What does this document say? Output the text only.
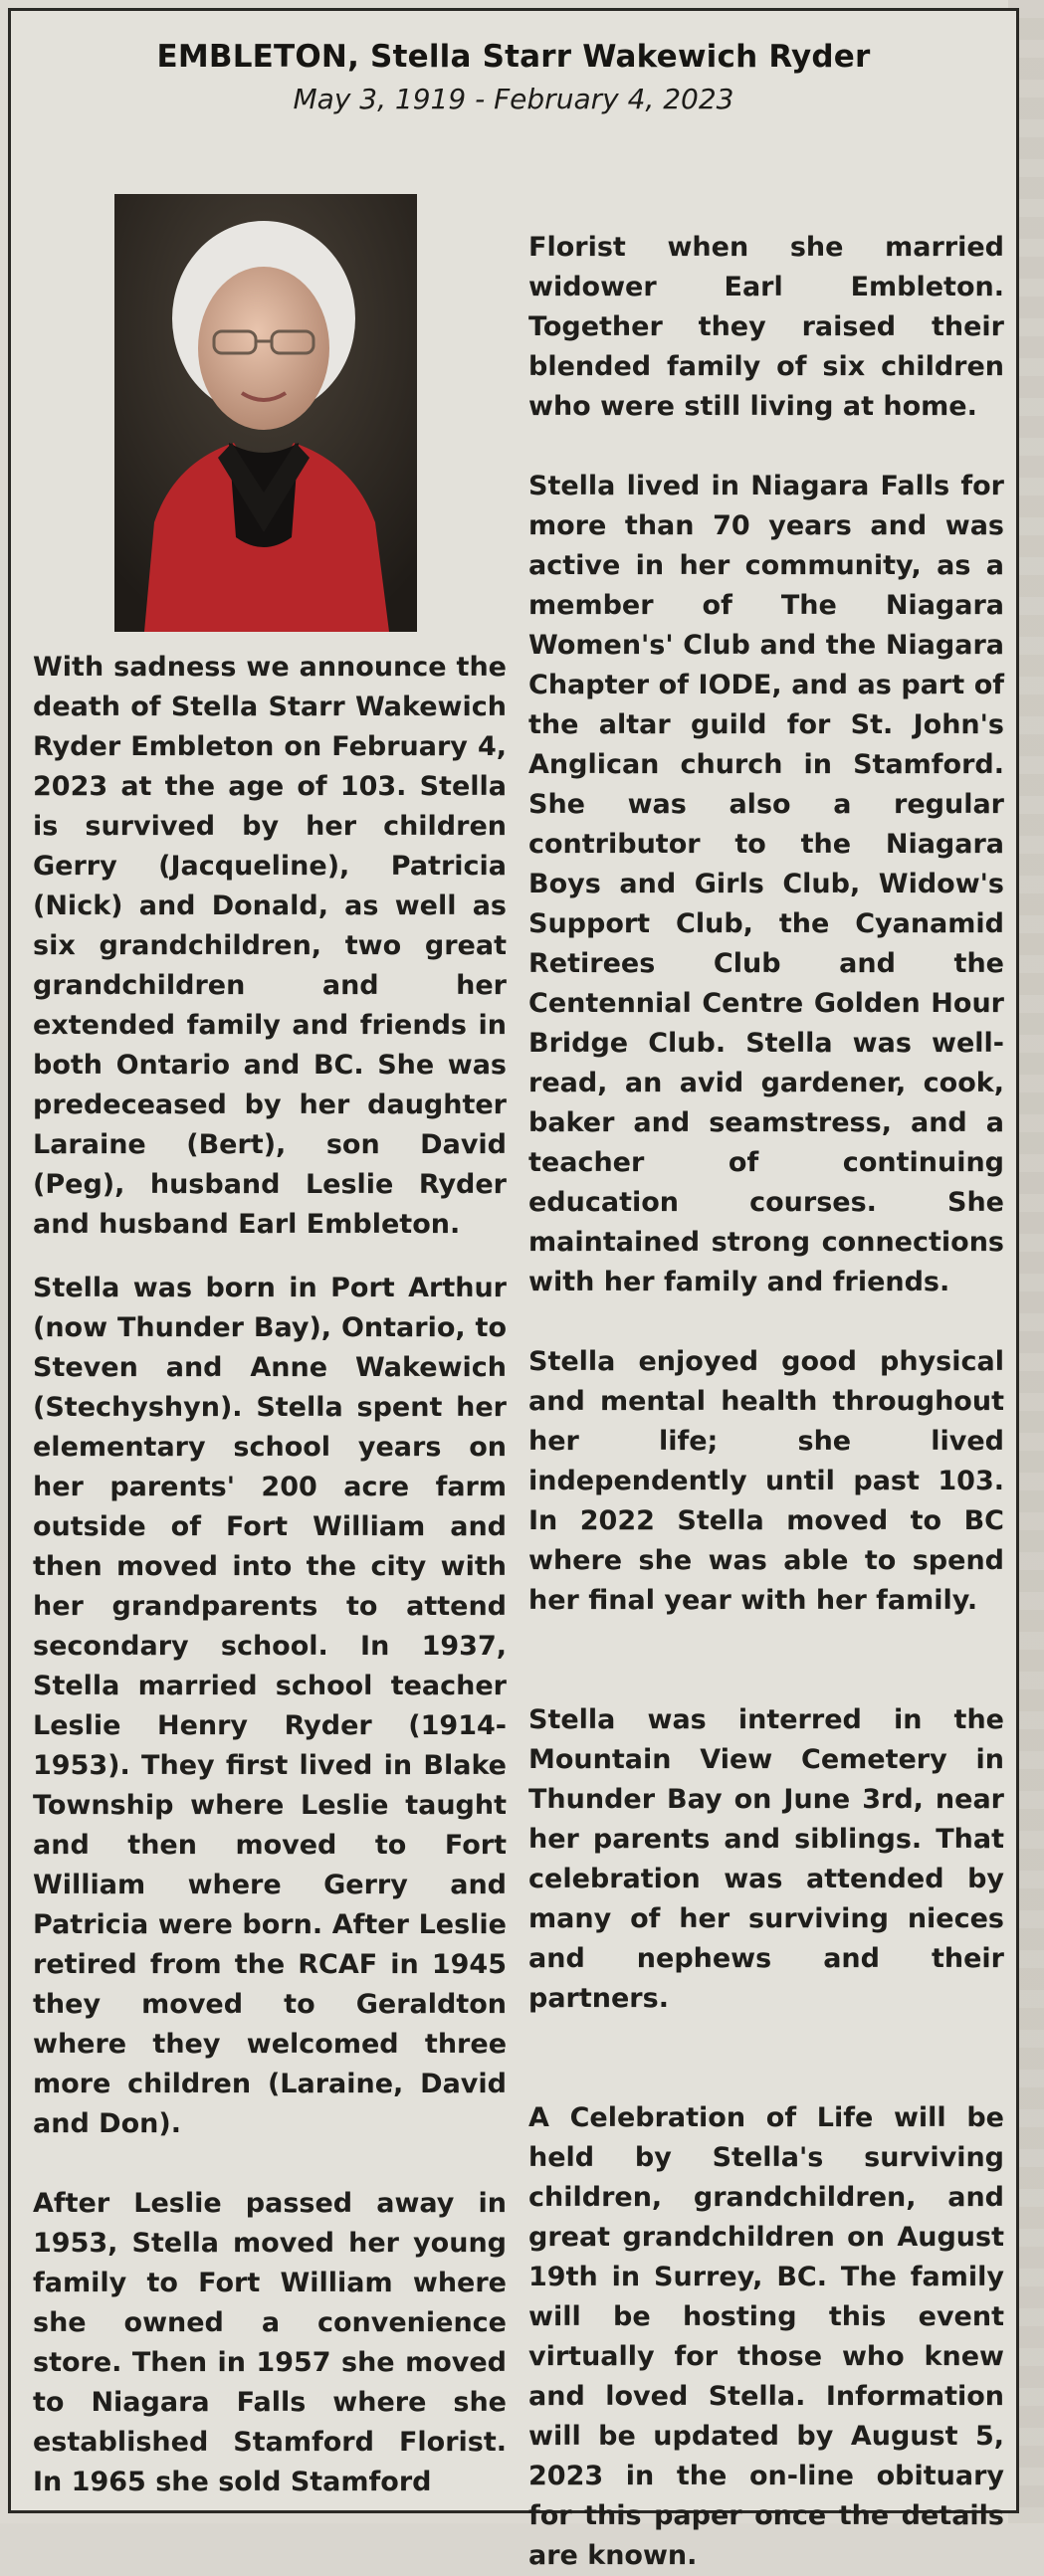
EMBLETON, Stella Starr Wakewich Ryder
May 3, 1919 - February 4, 2023

With sadness we announce the death of Stella Starr Wakewich Ryder Embleton on February 4, 2023 at the age of 103. Stella is survived by her children Gerry (Jacqueline), Patricia (Nick) and Donald, as well as six grandchildren, two great grandchildren and her extended family and friends in both Ontario and BC. She was predeceased by her daughter Laraine (Bert), son David (Peg), husband Leslie Ryder and husband Earl Embleton.

Stella was born in Port Arthur (now Thunder Bay), Ontario, to Steven and Anne Wakewich (Stechyshyn). Stella spent her elementary school years on her parents' 200 acre farm outside of Fort William and then moved into the city with her grandparents to attend secondary school. In 1937, Stella married school teacher Leslie Henry Ryder (1914-1953). They first lived in Blake Township where Leslie taught and then moved to Fort William where Gerry and Patricia were born. After Leslie retired from the RCAF in 1945 they moved to Geraldton where they welcomed three more children (Laraine, David and Don).

After Leslie passed away in 1953, Stella moved her young family to Fort William where she owned a convenience store. Then in 1957 she moved to Niagara Falls where she established Stamford Florist. In 1965 she sold Stamford

Florist when she married widower Earl Embleton. Together they raised their blended family of six children who were still living at home.

Stella lived in Niagara Falls for more than 70 years and was active in her community, as a member of The Niagara Women's' Club and the Niagara Chapter of IODE, and as part of the altar guild for St. John's Anglican church in Stamford. She was also a regular contributor to the Niagara Boys and Girls Club, Widow's Support Club, the Cyanamid Retirees Club and the Centennial Centre Golden Hour Bridge Club. Stella was well-read, an avid gardener, cook, baker and seamstress, and a teacher of continuing education courses. She maintained strong connections with her family and friends.

Stella enjoyed good physical and mental health throughout her life; she lived independently until past 103. In 2022 Stella moved to BC where she was able to spend her final year with her family.

Stella was interred in the Mountain View Cemetery in Thunder Bay on June 3rd, near her parents and siblings. That celebration was attended by many of her surviving nieces and nephews and their partners.

A Celebration of Life will be held by Stella's surviving children, grandchildren, and great grandchildren on August 19th in Surrey, BC. The family will be hosting this event virtually for those who knew and loved Stella. Information will be updated by August 5, 2023 in the on-line obituary for this paper once the details are known.
